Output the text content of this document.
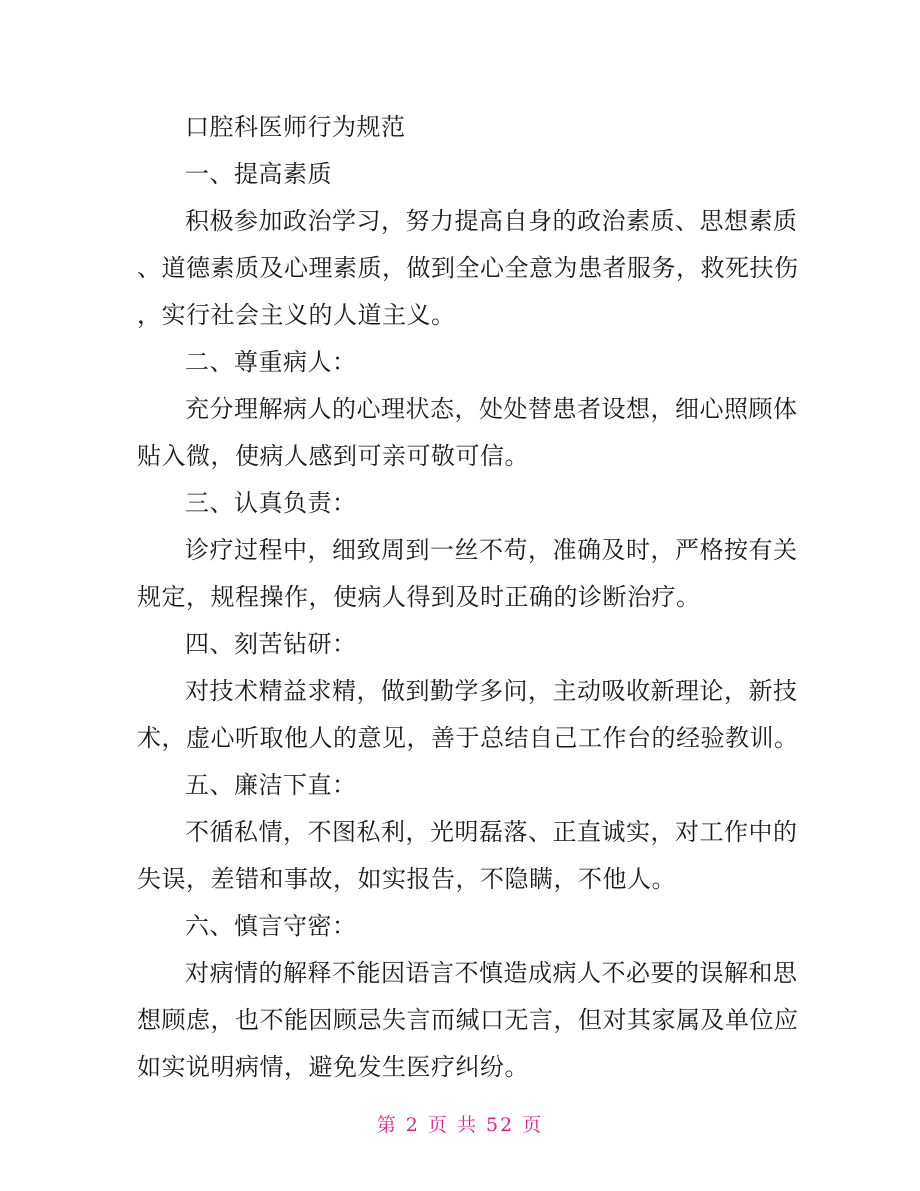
口腔科医师行为规范
一、提高素质
积极参加政治学习，努力提高自身的政治素质、思想素质
、道德素质及心理素质，做到全心全意为患者服务，救死扶伤
，实行社会主义的人道主义。
二、尊重病人：
充分理解病人的心理状态，处处替患者设想，细心照顾体
贴入微，使病人感到可亲可敬可信。
三、认真负责：
诊疗过程中，细致周到一丝不苟，准确及时，严格按有关
规定，规程操作，使病人得到及时正确的诊断治疗。
四、刻苦钻研：
对技术精益求精，做到勤学多问，主动吸收新理论，新技
术，虚心听取他人的意见，善于总结自己工作台的经验教训。
五、廉洁下直：
不循私情，不图私利，光明磊落、正直诚实，对工作中的
失误，差错和事故，如实报告，不隐瞒，不他人。
六、慎言守密：
对病情的解释不能因语言不慎造成病人不必要的误解和思
想顾虑，也不能因顾忌失言而缄口无言，但对其家属及单位应
如实说明病情，避免发生医疗纠纷。
第 2 页 共 52 页
